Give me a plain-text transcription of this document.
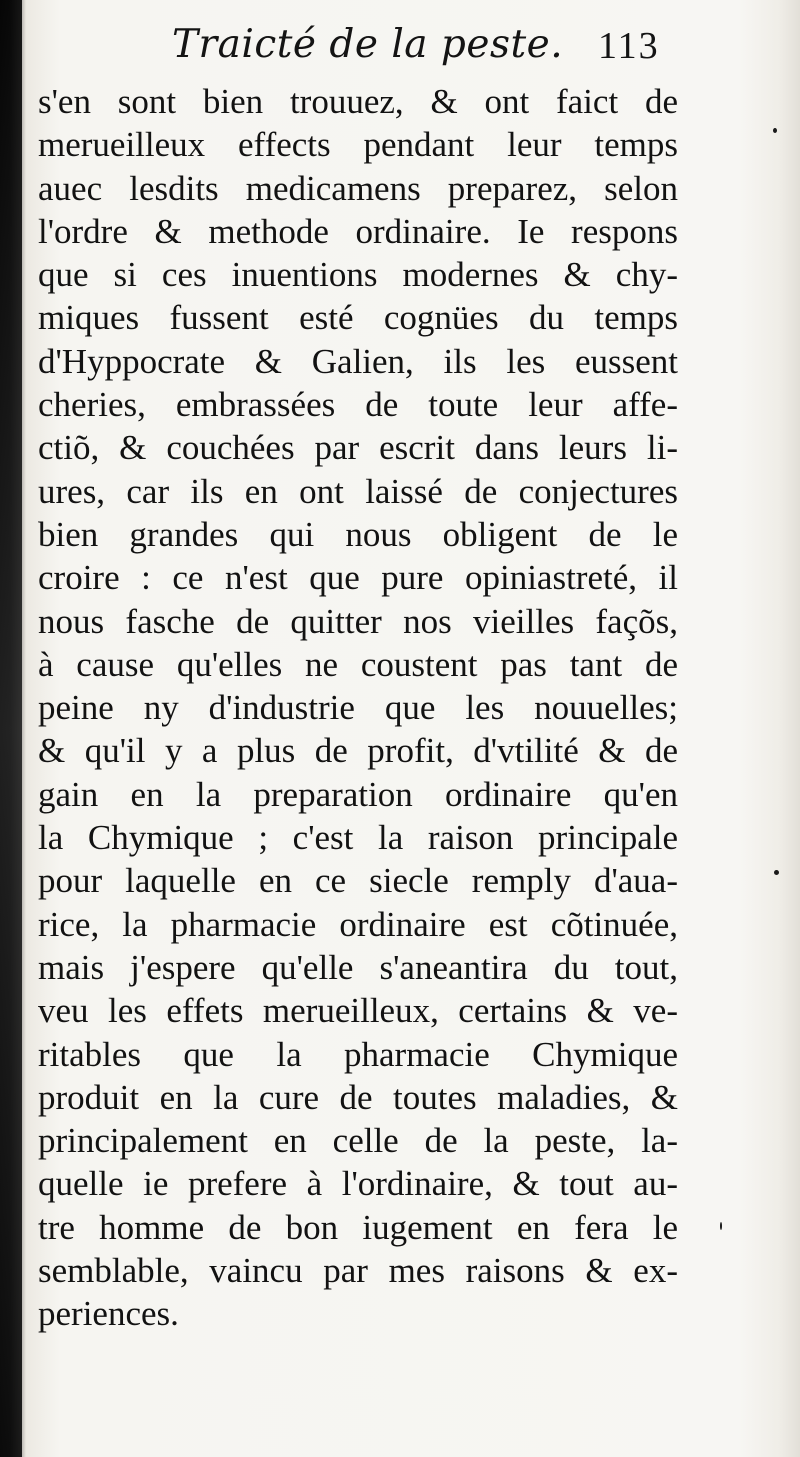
Traicté de la peste. 113
s'en sont bien trouuez, & ont faict de
merueilleux effects pendant leur temps
auec lesdits medicamens preparez, selon
l'ordre & methode ordinaire. Ie respons
que si ces inuentions modernes & chy-
miques fussent esté cognües du temps
d'Hyppocrate & Galien, ils les eussent
cheries, embrassées de toute leur affe-
ctiõ, & couchées par escrit dans leurs li-
ures, car ils en ont laissé de conjectures
bien grandes qui nous obligent de le
croire : ce n'est que pure opiniastreté, il
nous fasche de quitter nos vieilles façõs,
à cause qu'elles ne coustent pas tant de
peine ny d'industrie que les nouuelles;
& qu'il y a plus de profit, d'vtilité & de
gain en la preparation ordinaire qu'en
la Chymique ; c'est la raison principale
pour laquelle en ce siecle remply d'aua-
rice, la pharmacie ordinaire est cõtinuée,
mais j'espere qu'elle s'aneantira du tout,
veu les effets merueilleux, certains & ve-
ritables que la pharmacie Chymique
produit en la cure de toutes maladies, &
principalement en celle de la peste, la-
quelle ie prefere à l'ordinaire, & tout au-
tre homme de bon iugement en fera le
semblable, vaincu par mes raisons & ex-
periences.
